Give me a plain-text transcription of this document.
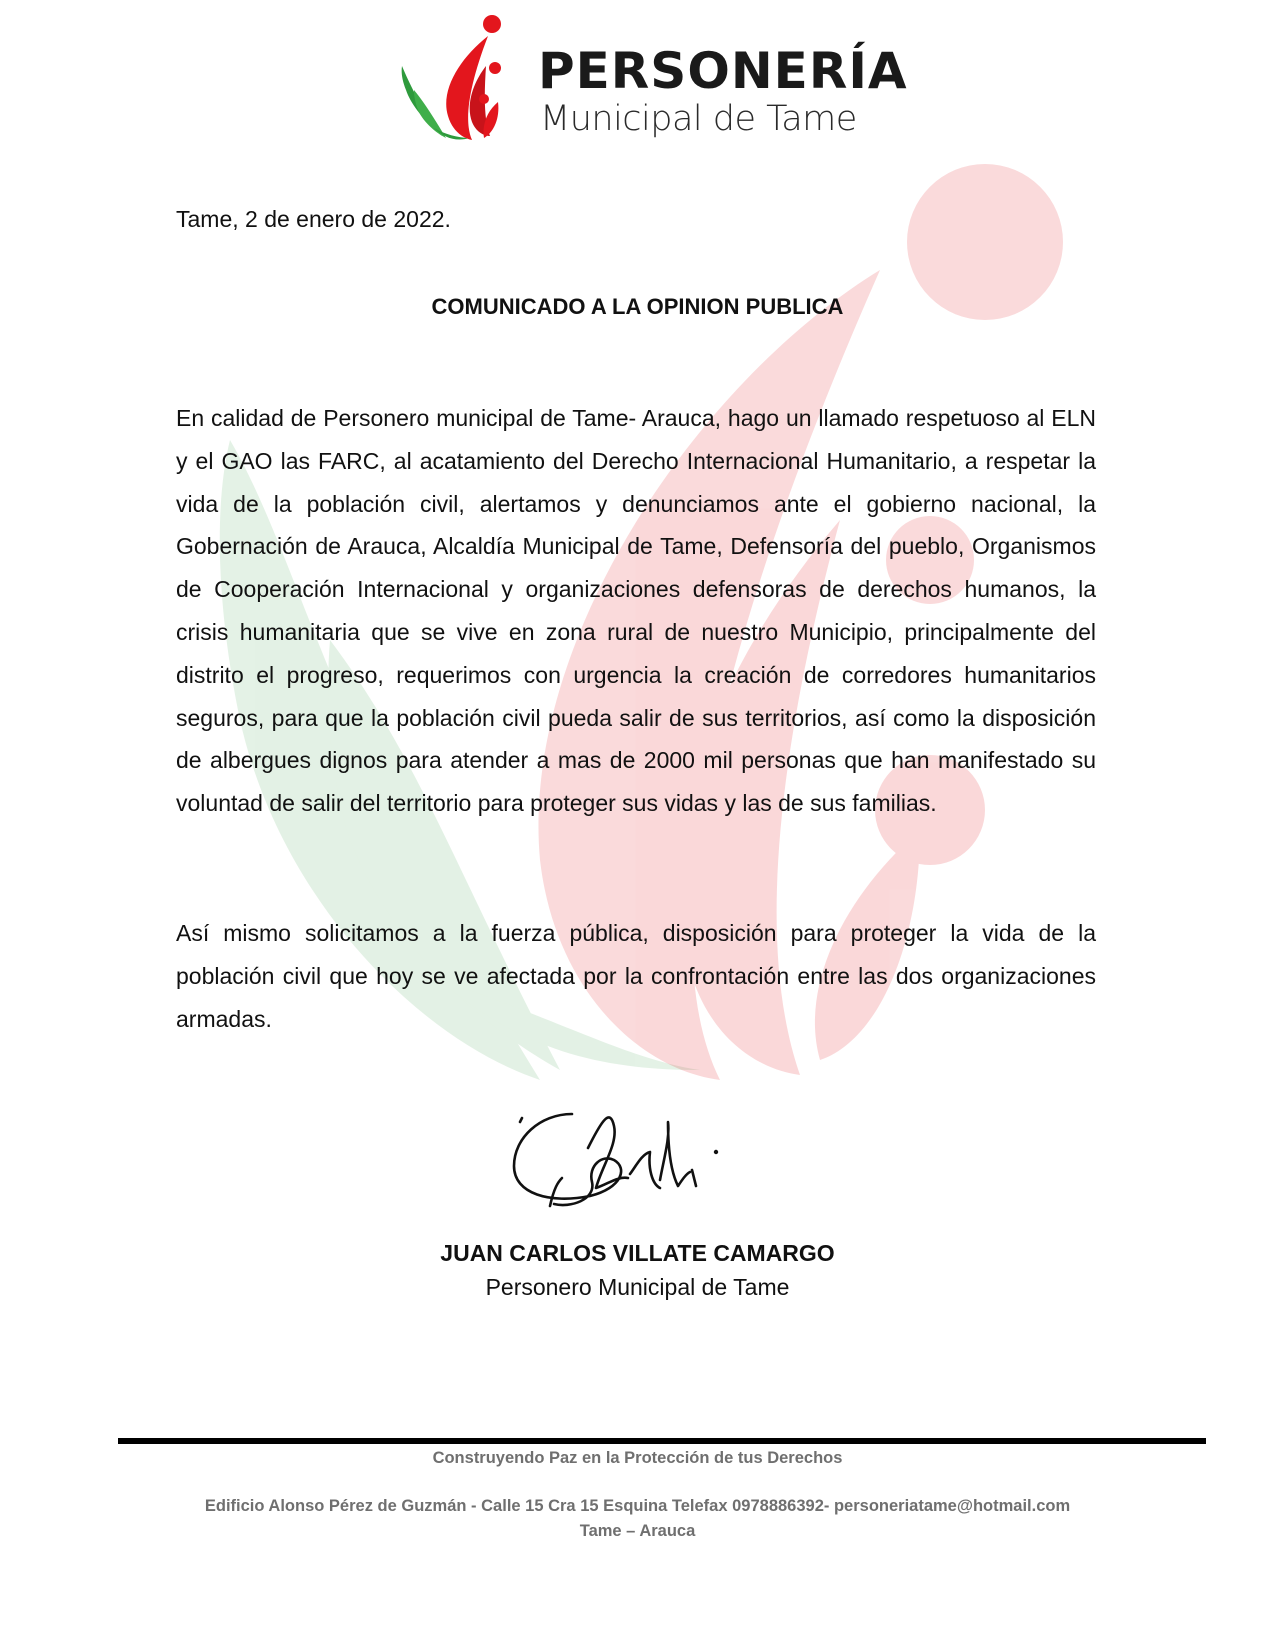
PERSONERÍA
Municipal de Tame
Tame, 2 de enero de 2022.
COMUNICADO A LA OPINION PUBLICA

En calidad de Personero municipal de Tame- Arauca, hago un llamado respetuoso al ELN y el GAO las FARC, al acatamiento del Derecho Internacional Humanitario, a respetar la vida de la población civil, alertamos y denunciamos ante el gobierno nacional, la Gobernación de Arauca, Alcaldía Municipal de Tame, Defensoría del pueblo, Organismos de Cooperación Internacional y organizaciones defensoras de derechos humanos, la crisis humanitaria que se vive en zona rural de nuestro Municipio, principalmente del distrito el progreso, requerimos con urgencia la creación de corredores humanitarios seguros, para que la población civil pueda salir de sus territorios, así como la disposición de albergues dignos para atender a mas de 2000 mil personas que han manifestado su voluntad de salir del territorio para proteger sus vidas y las de sus familias.

Así mismo solicitamos a la fuerza pública, disposición para proteger la vida de la población civil que hoy se ve afectada por la confrontación entre las dos organizaciones armadas.

JUAN CARLOS VILLATE CAMARGO
Personero Municipal de Tame
Construyendo Paz en la Protección de tus Derechos
Edificio Alonso Pérez de Guzmán - Calle 15 Cra 15 Esquina Telefax 0978886392- personeriatame@hotmail.com
Tame – Arauca
